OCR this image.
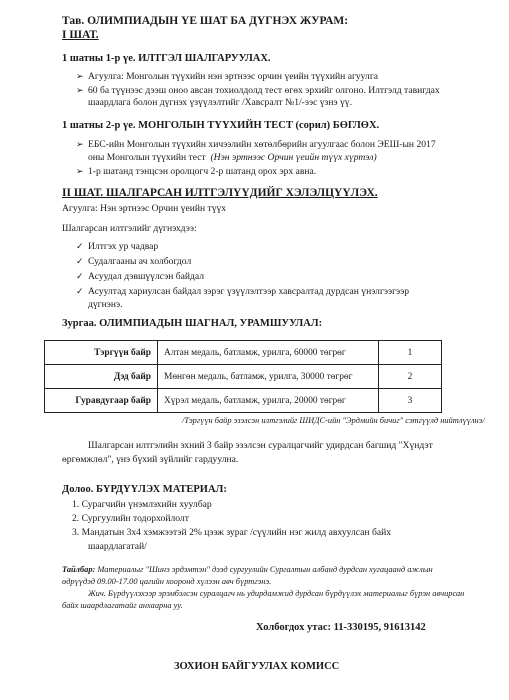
Тав. ОЛИМПИАДЫН ҮЕ ШАТ БА ДҮГНЭХ ЖУРАМ:
I ШАТ.
1 шатны 1-р үе. ИЛТГЭЛ ШАЛГАРУУЛАХ.
➢ Агуулга: Монголын түүхийн нэн эртнээс орчин үеийн түүхийн агуулга
➢ 60 ба түүнээс дээш оноо авсан тохиолдолд тест өгөх эрхийг олгоно. Илтгэлд тавигдах
шаардлага болон дүгнэх үзүүлэлтийг /Хавсралт №1/-ээс үзнэ үү.
1 шатны 2-р үе. МОНГОЛЫН ТҮҮХИЙН ТЕСТ (сорил) БӨГЛӨХ.
➢ ЕБС-ийн Монголын түүхийн хичээлийн хөтөлбөрийн агуулгаас болон ЭЕШ-ын 2017
оны Монголын түүхийн тест (Нэн эртнээс Орчин үеийн түүх хүртэл)
➢ 1-р шатанд тэнцсэн оролцогч 2-р шатанд орох эрх авна.
II ШАТ. ШАЛГАРСАН ИЛТГЭЛҮҮДИЙГ ХЭЛЭЛЦҮҮЛЭХ.
Агуулга: Нэн эртнээс Орчин үеийн түүх
Шалгарсан илтгэлийг дүгнэхдээ:
✓ Илтгэх ур чадвар
✓ Судалгааны ач холбогдол
✓ Асуудал дэвшүүлсэн байдал
✓ Асуултад хариулсан байдал зэрэг үзүүлэлтээр хавсралтад дурдсан үнэлгээгээр
дүгнэнэ.
Зургаа. ОЛИМПИАДЫН ШАГНАЛ, УРАМШУУЛАЛ:
Тэргүүн байр	Алтан медаль, батламж, урилга, 60000 төгрөг	1
Дэд байр	Мөнгөн медаль, батламж, урилга, 30000 төгрөг	2
Гуравдугаар байр	Хүрэл медаль, батламж, урилга, 20000 төгрөг	3
/Тэргүүн байр эзэлсэн илтгэлийг ШИДС-ийн "Эрдмийн бичиг" сэтгүүлд нийтлүүлнэ/
Шалгарсан илтгэлийн эхний 3 байр эзэлсэн суралцагчийг удирдсан багшид "Хүндэт
өргөмжлөл", үнэ бүхий зүйлийг гардуулна.
Долоо. БҮРДҮҮЛЭХ МАТЕРИАЛ:
1. Сурагчийн үнэмлэхийн хуулбар
2. Сургуулийн тодорхойлолт
3. Мандатын 3х4 хэмжээтэй 2% цээж зураг /сүүлийн нэг жилд авхуулсан байх
шаардлагатай/
Тайлбар: Материалыг "Шинэ эрдэмтэн" дээд сургуулийн Сургалтын албанд дурдсан хугацаанд ажлын
өдрүүдэд 09.00-17.00 цагийн хооронд хүлээн авч бүртгэнэ.
Жич. Бүрдүүлэхээр эрэмбэлсэн суралцагч нь удирдамжид дурдсан бүрдүүлэх материалыг бүрэн авчирсан
байх шаардлагатайг анхаарна уу.
Холбогдох утас: 11-330195, 91613142
ЗОХИОН БАЙГУУЛАХ КОМИСС
